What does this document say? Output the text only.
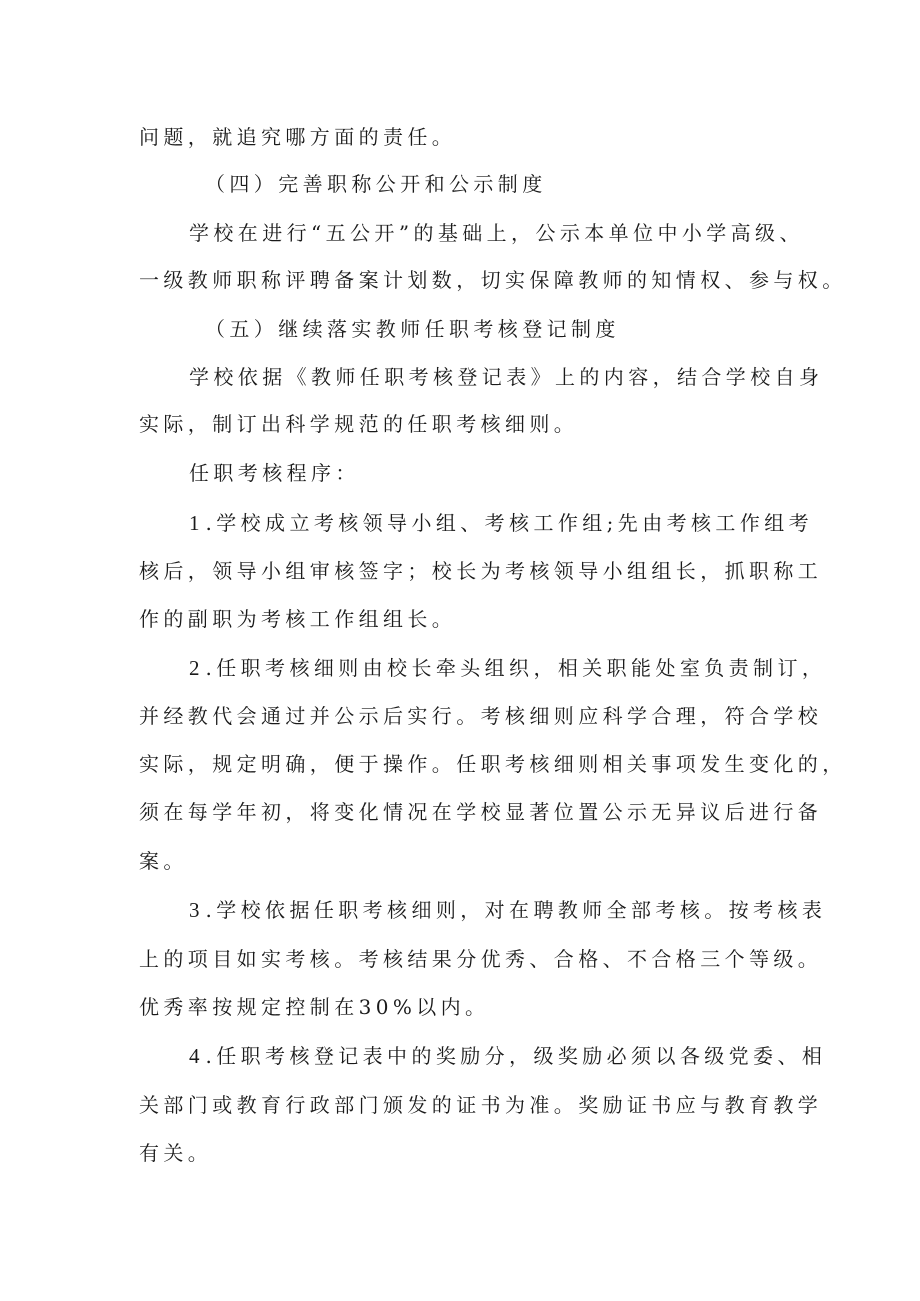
问题，就追究哪方面的责任。
（四）完善职称公开和公示制度
学校在进行“五公开”的基础上，公示本单位中小学高级、
一级教师职称评聘备案计划数，切实保障教师的知情权、参与权。
（五）继续落实教师任职考核登记制度
学校依据《教师任职考核登记表》上的内容，结合学校自身
实际，制订出科学规范的任职考核细则。
任职考核程序：
1 .学校成立考核领导小组、考核工作组;先由考核工作组考
核后，领导小组审核签字；校长为考核领导小组组长，抓职称工
作的副职为考核工作组组长。
2 .任职考核细则由校长牵头组织，相关职能处室负责制订，
并经教代会通过并公示后实行。考核细则应科学合理，符合学校
实际，规定明确，便于操作。任职考核细则相关事项发生变化的，
须在每学年初，将变化情况在学校显著位置公示无异议后进行备
案。
3 .学校依据任职考核细则，对在聘教师全部考核。按考核表
上的项目如实考核。考核结果分优秀、合格、不合格三个等级。
优秀率按规定控制在30%以内。
4 .任职考核登记表中的奖励分，级奖励必须以各级党委、相
关部门或教育行政部门颁发的证书为准。奖励证书应与教育教学
有关。
